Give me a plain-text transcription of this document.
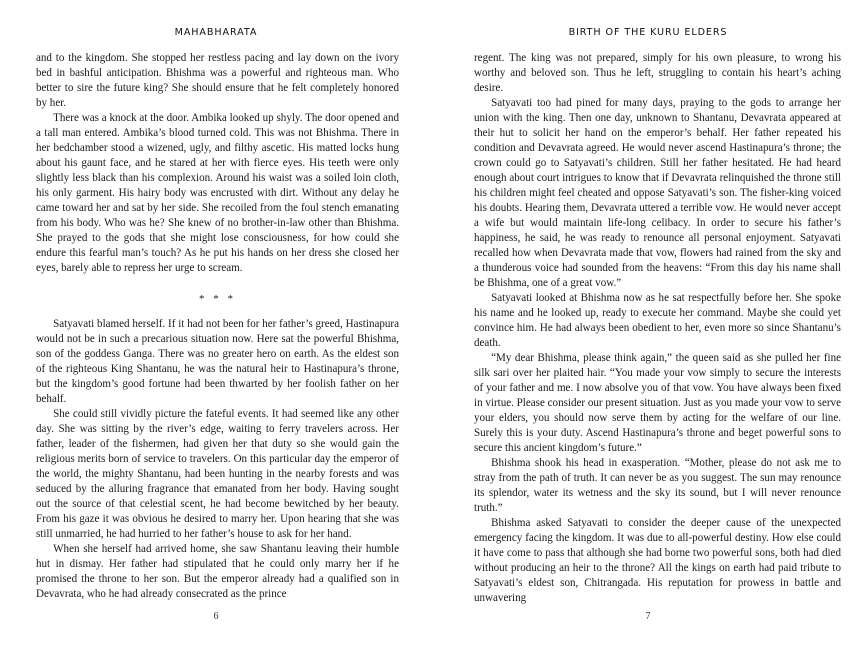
MAHABHARATA

and to the kingdom. She stopped her restless pacing and lay down on the ivory bed in bashful anticipation. Bhishma was a powerful and righteous man. Who better to sire the future king? She should ensure that he felt completely honored by her.

There was a knock at the door. Ambika looked up shyly. The door opened and a tall man entered. Ambika’s blood turned cold. This was not Bhishma. There in her bedchamber stood a wizened, ugly, and filthy ascetic. His matted locks hung about his gaunt face, and he stared at her with fierce eyes. His teeth were only slightly less black than his complexion. Around his waist was a soiled loin cloth, his only garment. His hairy body was encrusted with dirt. Without any delay he came toward her and sat by her side. She recoiled from the foul stench emanating from his body. Who was he? She knew of no brother-in-law other than Bhishma. She prayed to the gods that she might lose consciousness, for how could she endure this fearful man’s touch? As he put his hands on her dress she closed her eyes, barely able to repress her urge to scream.

* * *

Satyavati blamed herself. If it had not been for her father’s greed, Hastinapura would not be in such a precarious situation now. Here sat the powerful Bhishma, son of the goddess Ganga. There was no greater hero on earth. As the eldest son of the righteous King Shantanu, he was the natural heir to Hastinapura’s throne, but the kingdom’s good fortune had been thwarted by her foolish father on her behalf.

She could still vividly picture the fateful events. It had seemed like any other day. She was sitting by the river’s edge, waiting to ferry travelers across. Her father, leader of the fishermen, had given her that duty so she would gain the religious merits born of service to travelers. On this particular day the emperor of the world, the mighty Shantanu, had been hunting in the nearby forests and was seduced by the alluring fragrance that emanated from her body. Having sought out the source of that celestial scent, he had become bewitched by her beauty. From his gaze it was obvious he desired to marry her. Upon hearing that she was still unmarried, he had hurried to her father’s house to ask for her hand.

When she herself had arrived home, she saw Shantanu leaving their humble hut in dismay. Her father had stipulated that he could only marry her if he promised the throne to her son. But the emperor already had a qualified son in Devavrata, who he had already consecrated as the prince

6
BIRTH OF THE KURU ELDERS

regent. The king was not prepared, simply for his own pleasure, to wrong his worthy and beloved son. Thus he left, struggling to contain his heart’s aching desire.

Satyavati too had pined for many days, praying to the gods to arrange her union with the king. Then one day, unknown to Shantanu, Devavrata appeared at their hut to solicit her hand on the emperor’s behalf. Her father repeated his condition and Devavrata agreed. He would never ascend Hastinapura’s throne; the crown could go to Satyavati’s children. Still her father hesitated. He had heard enough about court intrigues to know that if Devavrata relinquished the throne still his children might feel cheated and oppose Satyavati’s son. The fisher-king voiced his doubts. Hearing them, Devavrata uttered a terrible vow. He would never accept a wife but would maintain life-long celibacy. In order to secure his father’s happiness, he said, he was ready to renounce all personal enjoyment. Satyavati recalled how when Devavrata made that vow, flowers had rained from the sky and a thunderous voice had sounded from the heavens: “From this day his name shall be Bhishma, one of a great vow.”

Satyavati looked at Bhishma now as he sat respectfully before her. She spoke his name and he looked up, ready to execute her command. Maybe she could yet convince him. He had always been obedient to her, even more so since Shantanu’s death.

“My dear Bhishma, please think again,” the queen said as she pulled her fine silk sari over her plaited hair. “You made your vow simply to secure the interests of your father and me. I now absolve you of that vow. You have always been fixed in virtue. Please consider our present situation. Just as you made your vow to serve your elders, you should now serve them by acting for the welfare of our line. Surely this is your duty. Ascend Hastinapura’s throne and beget powerful sons to secure this ancient kingdom’s future.”

Bhishma shook his head in exasperation. “Mother, please do not ask me to stray from the path of truth. It can never be as you suggest. The sun may renounce its splendor, water its wetness and the sky its sound, but I will never renounce truth.”

Bhishma asked Satyavati to consider the deeper cause of the unexpected emergency facing the kingdom. It was due to all-powerful destiny. How else could it have come to pass that although she had borne two powerful sons, both had died without producing an heir to the throne? All the kings on earth had paid tribute to Satyavati’s eldest son, Chitrangada. His reputation for prowess in battle and unwavering

7
